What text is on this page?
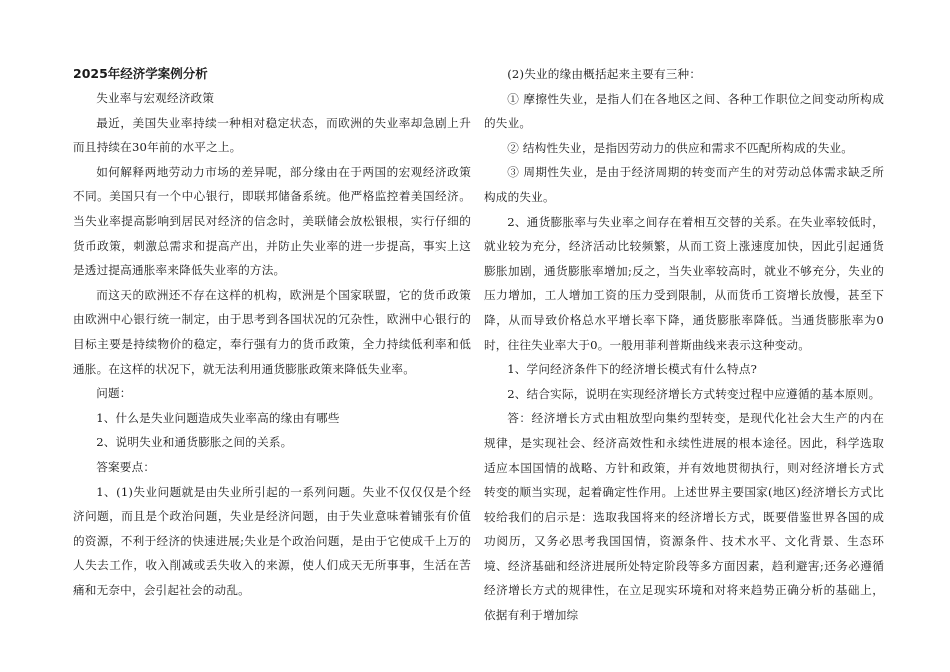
2025年经济学案例分析

失业率与宏观经济政策

最近，美国失业率持续一种相对稳定状态，而欧洲的失业率却急剧上升而且持续在30年前的水平之上。

如何解释两地劳动力市场的差异呢，部分缘由在于两国的宏观经济政策不同。美国只有一个中心银行，即联邦储备系统。他严格监控着美国经济。当失业率提高影响到居民对经济的信念时，美联储会放松银根，实行仔细的货币政策，刺激总需求和提高产出，并防止失业率的进一步提高，事实上这是透过提高通胀率来降低失业率的方法。

而这天的欧洲还不存在这样的机构，欧洲是个国家联盟，它的货币政策由欧洲中心银行统一制定，由于思考到各国状况的冗杂性，欧洲中心银行的目标主要是持续物价的稳定，奉行强有力的货币政策，全力持续低利率和低通胀。在这样的状况下，就无法利用通货膨胀政策来降低失业率。

问题：

1、什么是失业问题造成失业率高的缘由有哪些

2、说明失业和通货膨胀之间的关系。

答案要点：

1、(1)失业问题就是由失业所引起的一系列问题。失业不仅仅仅是个经济问题，而且是个政治问题，失业是经济问题，由于失业意味着铺张有价值的资源，不利于经济的快速进展;失业是个政治问题，是由于它使成千上万的人失去工作，收入削减或丢失收入的来源，使人们成天无所事事，生活在苦痛和无奈中，会引起社会的动乱。

(2)失业的缘由概括起来主要有三种：

① 摩擦性失业，是指人们在各地区之间、各种工作职位之间变动所构成的失业。

② 结构性失业，是指因劳动力的供应和需求不匹配所构成的失业。

③ 周期性失业，是由于经济周期的转变而产生的对劳动总体需求缺乏所构成的失业。

2、通货膨胀率与失业率之间存在着相互交替的关系。在失业率较低时，就业较为充分，经济活动比较频繁，从而工资上涨速度加快，因此引起通货膨胀加剧，通货膨胀率增加;反之，当失业率较高时，就业不够充分，失业的压力增加，工人增加工资的压力受到限制，从而货币工资增长放慢，甚至下降，从而导致价格总水平增长率下降，通货膨胀率降低。当通货膨胀率为0时，往往失业率大于0。一般用菲利普斯曲线来表示这种变动。

1、学问经济条件下的经济增长模式有什么特点?

2、结合实际，说明在实现经济增长方式转变过程中应遵循的基本原则。

答：经济增长方式由粗放型向集约型转变，是现代化社会大生产的内在规律，是实现社会、经济高效性和永续性进展的根本途径。因此，科学选取适应本国国情的战略、方针和政策，并有效地贯彻执行，则对经济增长方式转变的顺当实现，起着确定性作用。上述世界主要国家(地区)经济增长方式比较给我们的启示是：选取我国将来的经济增长方式，既要借鉴世界各国的成功阅历，又务必思考我国国情，资源条件、技术水平、文化背景、生态环境、经济基础和经济进展所处特定阶段等多方面因素，趋利避害;还务必遵循经济增长方式的规律性，在立足现实环境和对将来趋势正确分析的基础上，依据有利于增加综
